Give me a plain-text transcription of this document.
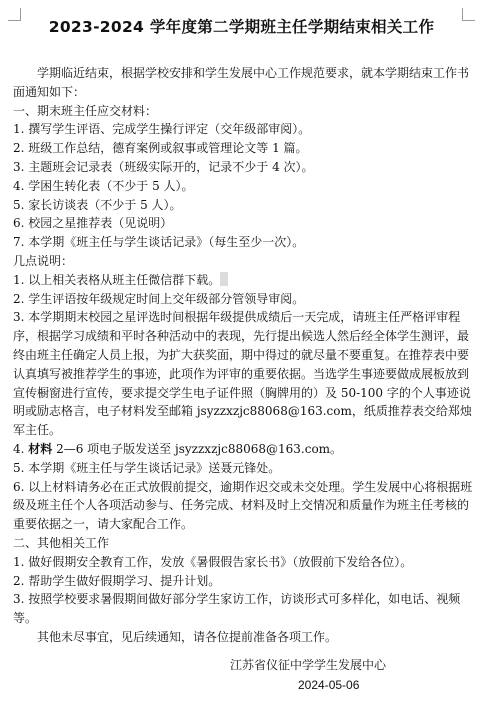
2023-2024 学年度第二学期班主任学期结束相关工作

学期临近结束，根据学校安排和学生发展中心工作规范要求，就本学期结束工作书面通知如下：

一、期末班主任应交材料：

1. 撰写学生评语、完成学生操行评定（交年级部审阅）。

2. 班级工作总结，德育案例或叙事或管理论文等 1 篇。

3. 主题班会记录表（班级实际开的，记录不少于 4 次）。

4. 学困生转化表（不少于 5 人）。

5. 家长访谈表（不少于 5 人）。

6. 校园之星推荐表（见说明）

7. 本学期《班主任与学生谈话记录》（每生至少一次）。

几点说明：

1. 以上相关表格从班主任微信群下载。

2. 学生评语按年级规定时间上交年级部分管领导审阅。

3. 本学期期末校园之星评选时间根据年级提供成绩后一天完成，请班主任严格评审程序，根据学习成绩和平时各种活动中的表现，先行提出候选人然后经全体学生测评，最终由班主任确定人员上报，为扩大获奖面，期中得过的就尽量不要重复。在推荐表中要认真填写被推荐学生的事迹，此项作为评审的重要依据。当选学生事迹要做成展板放到宣传橱窗进行宣传，要求提交学生电子证件照（胸牌用的）及 50-100 字的个人事迹说明或励志格言，电子材料发至邮箱 jsyzzxzjc88068@163.com，纸质推荐表交给郑烛军主任。

4. 材料 2—6 项电子版发送至 jsyzzxzjc88068@163.com。

5. 本学期《班主任与学生谈话记录》送聂元锋处。

6. 以上材料请务必在正式放假前提交，逾期作迟交或未交处理。学生发展中心将根据班级及班主任个人各项活动参与、任务完成、材料及时上交情况和质量作为班主任考核的重要依据之一，请大家配合工作。

二、其他相关工作

1. 做好假期安全教育工作，发放《暑假假告家长书》（放假前下发给各位）。

2. 帮助学生做好假期学习、提升计划。

3. 按照学校要求暑假期间做好部分学生家访工作，访谈形式可多样化，如电话、视频等。

其他未尽事宜，见后续通知，请各位提前准备各项工作。

江苏省仪征中学学生发展中心
2024-05-06
